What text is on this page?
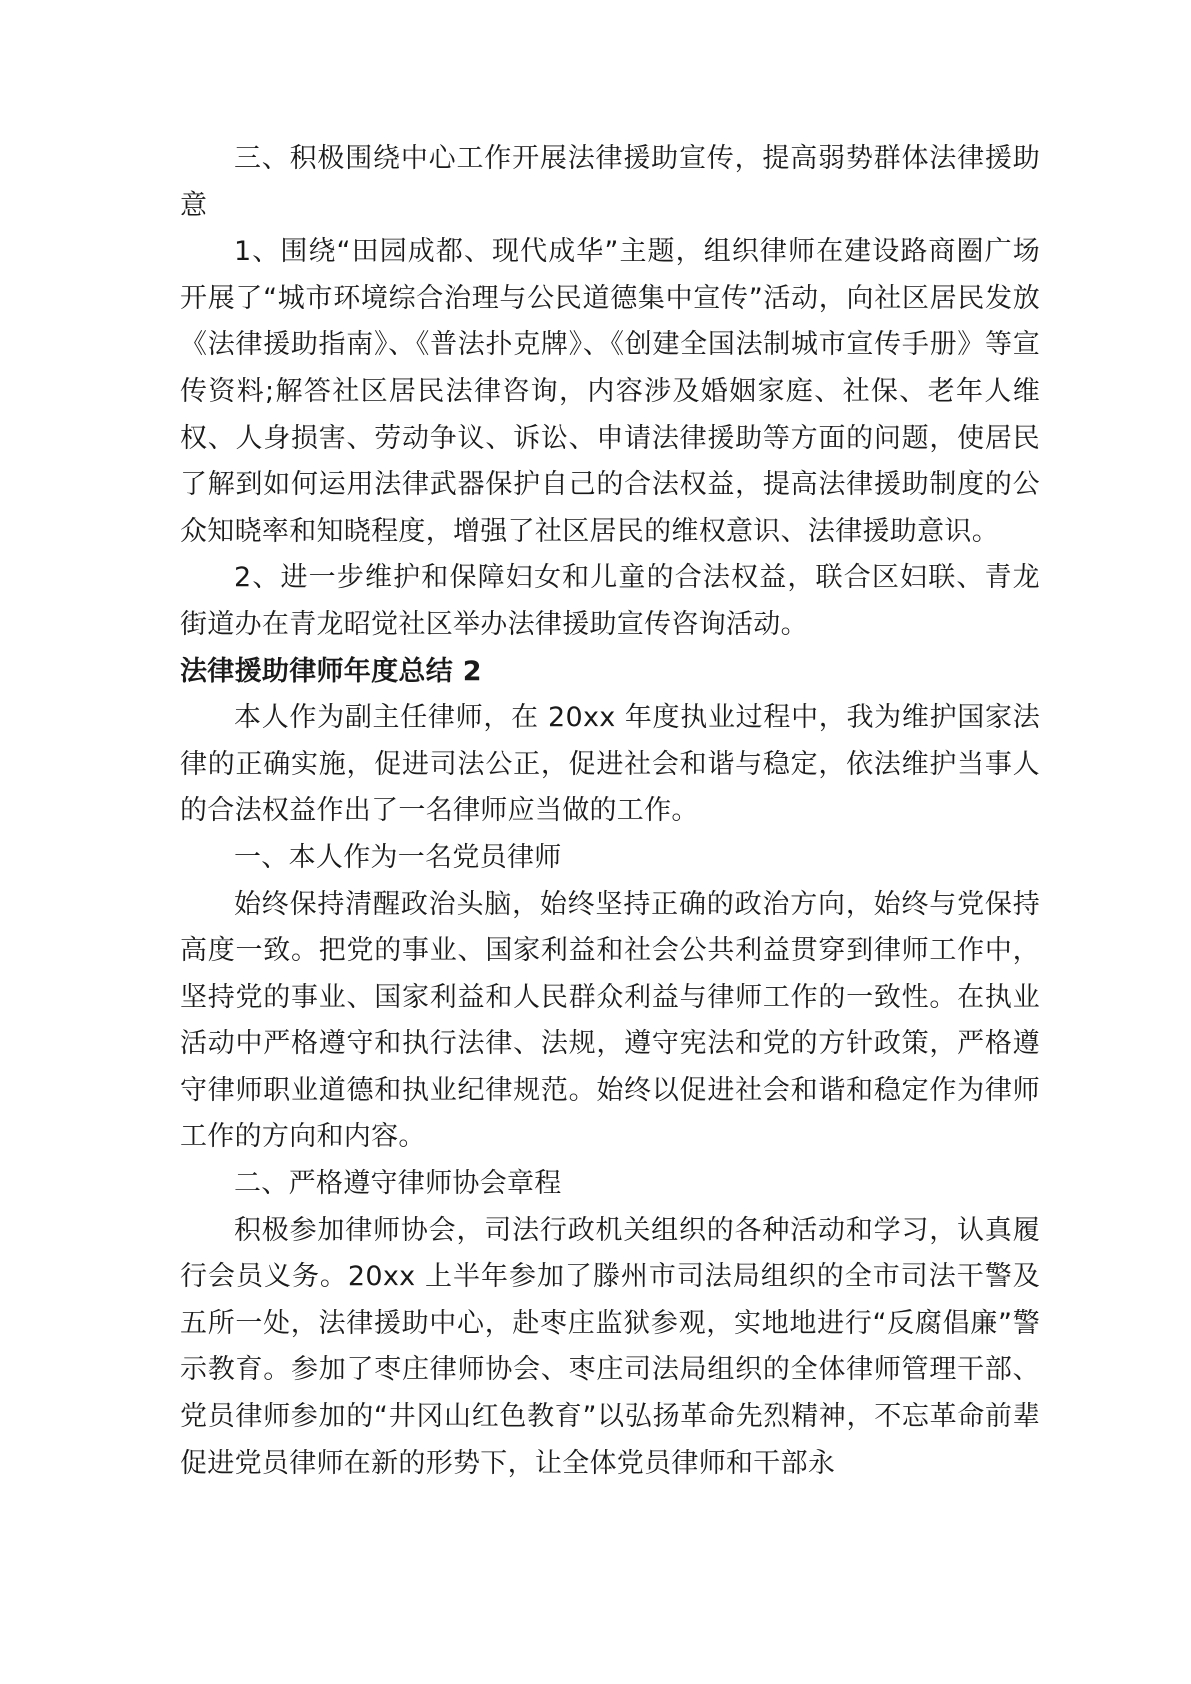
三、积极围绕中心工作开展法律援助宣传，提高弱势群体法律援助意

1、围绕“田园成都、现代成华”主题，组织律师在建设路商圈广场开展了“城市环境综合治理与公民道德集中宣传”活动，向社区居民发放《法律援助指南》、《普法扑克牌》、《创建全国法制城市宣传手册》等宣传资料;解答社区居民法律咨询，内容涉及婚姻家庭、社保、老年人维权、人身损害、劳动争议、诉讼、申请法律援助等方面的问题，使居民了解到如何运用法律武器保护自己的合法权益，提高法律援助制度的公众知晓率和知晓程度，增强了社区居民的维权意识、法律援助意识。

2、进一步维护和保障妇女和儿童的合法权益，联合区妇联、青龙街道办在青龙昭觉社区举办法律援助宣传咨询活动。

法律援助律师年度总结 2

本人作为副主任律师，在 20xx 年度执业过程中，我为维护国家法律的正确实施，促进司法公正，促进社会和谐与稳定，依法维护当事人的合法权益作出了一名律师应当做的工作。

一、本人作为一名党员律师

始终保持清醒政治头脑，始终坚持正确的政治方向，始终与党保持高度一致。把党的事业、国家利益和社会公共利益贯穿到律师工作中，坚持党的事业、国家利益和人民群众利益与律师工作的一致性。在执业活动中严格遵守和执行法律、法规，遵守宪法和党的方针政策，严格遵守律师职业道德和执业纪律规范。始终以促进社会和谐和稳定作为律师工作的方向和内容。

二、严格遵守律师协会章程

积极参加律师协会，司法行政机关组织的各种活动和学习，认真履行会员义务。20xx 上半年参加了滕州市司法局组织的全市司法干警及五所一处，法律援助中心，赴枣庄监狱参观，实地地进行“反腐倡廉”警示教育。参加了枣庄律师协会、枣庄司法局组织的全体律师管理干部、党员律师参加的“井冈山红色教育”以弘扬革命先烈精神，不忘革命前辈促进党员律师在新的形势下，让全体党员律师和干部永
